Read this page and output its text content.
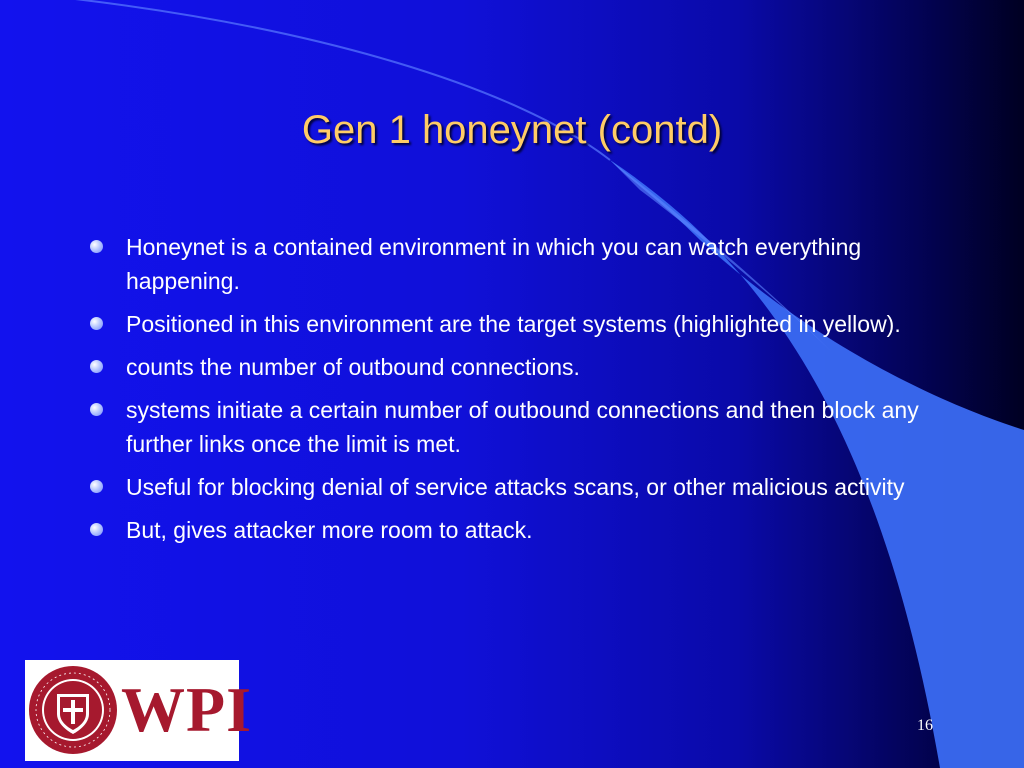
Gen 1 honeynet (contd)
Honeynet is a contained environment in which you can watch everything happening.
Positioned in this environment are the target systems (highlighted in yellow).
counts the number of outbound connections.
systems initiate a certain number of outbound connections and then block any further links once the limit is met.
Useful for blocking denial of service attacks scans, or other malicious activity
But, gives attacker more room to attack.
WPI	16
